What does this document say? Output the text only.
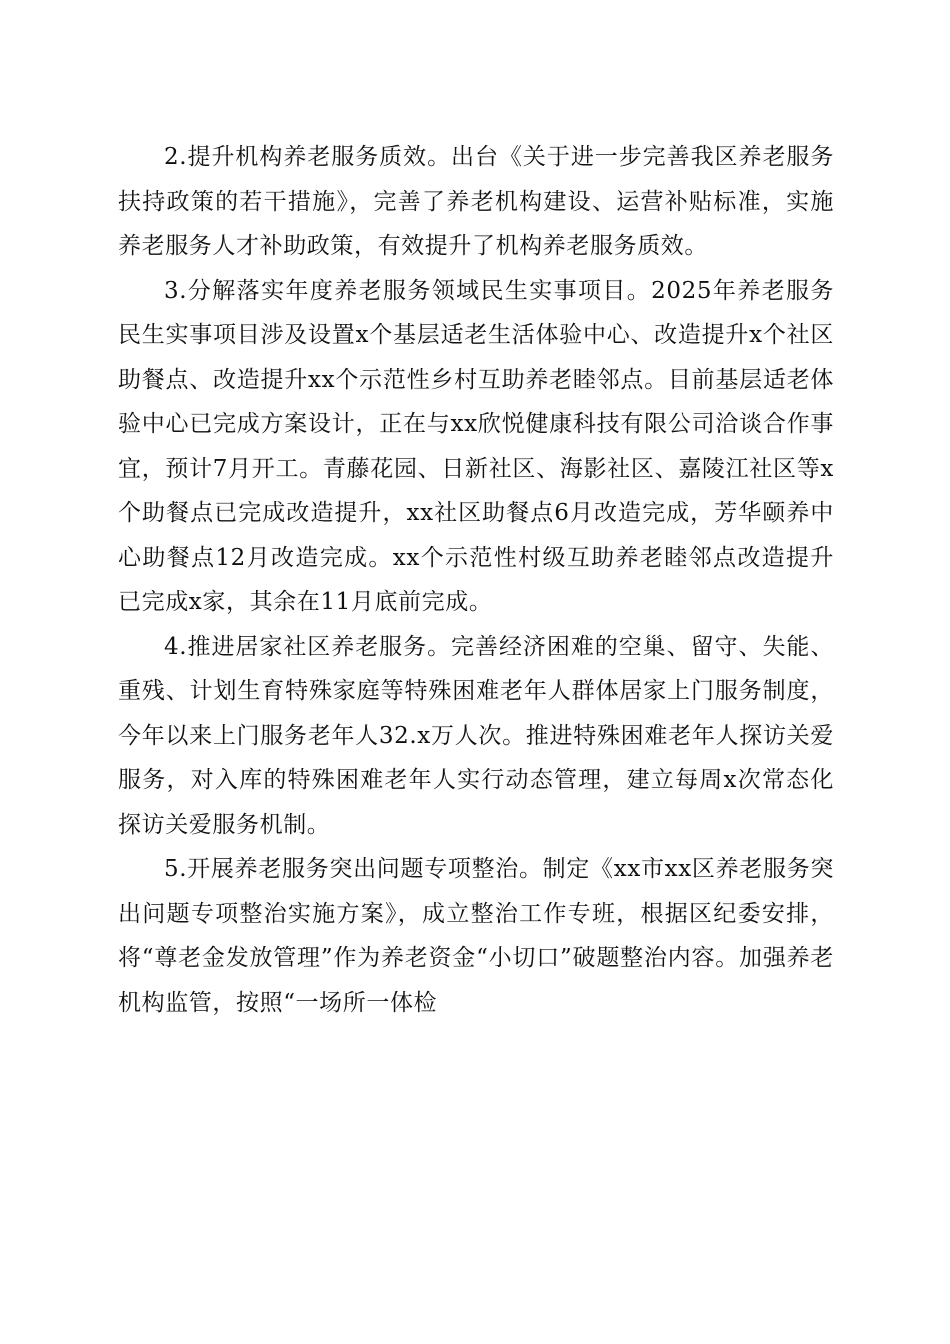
2.提升机构养老服务质效。出台《关于进一步完善我区养老服务扶持政策的若干措施》，完善了养老机构建设、运营补贴标准，实施养老服务人才补助政策，有效提升了机构养老服务质效。

3.分解落实年度养老服务领域民生实事项目。2025年养老服务民生实事项目涉及设置x个基层适老生活体验中心、改造提升x个社区助餐点、改造提升xx个示范性乡村互助养老睦邻点。目前基层适老体验中心已完成方案设计，正在与xx欣悦健康科技有限公司洽谈合作事宜，预计7月开工。青藤花园、日新社区、海影社区、嘉陵江社区等x个助餐点已完成改造提升，xx社区助餐点6月改造完成，芳华颐养中心助餐点12月改造完成。xx个示范性村级互助养老睦邻点改造提升已完成x家，其余在11月底前完成。

4.推进居家社区养老服务。完善经济困难的空巢、留守、失能、重残、计划生育特殊家庭等特殊困难老年人群体居家上门服务制度，今年以来上门服务老年人32.x万人次。推进特殊困难老年人探访关爱服务，对入库的特殊困难老年人实行动态管理，建立每周x次常态化探访关爱服务机制。

5.开展养老服务突出问题专项整治。制定《xx市xx区养老服务突出问题专项整治实施方案》，成立整治工作专班，根据区纪委安排，将“尊老金发放管理”作为养老资金“小切口”破题整治内容。加强养老机构监管，按照“一场所一体检
